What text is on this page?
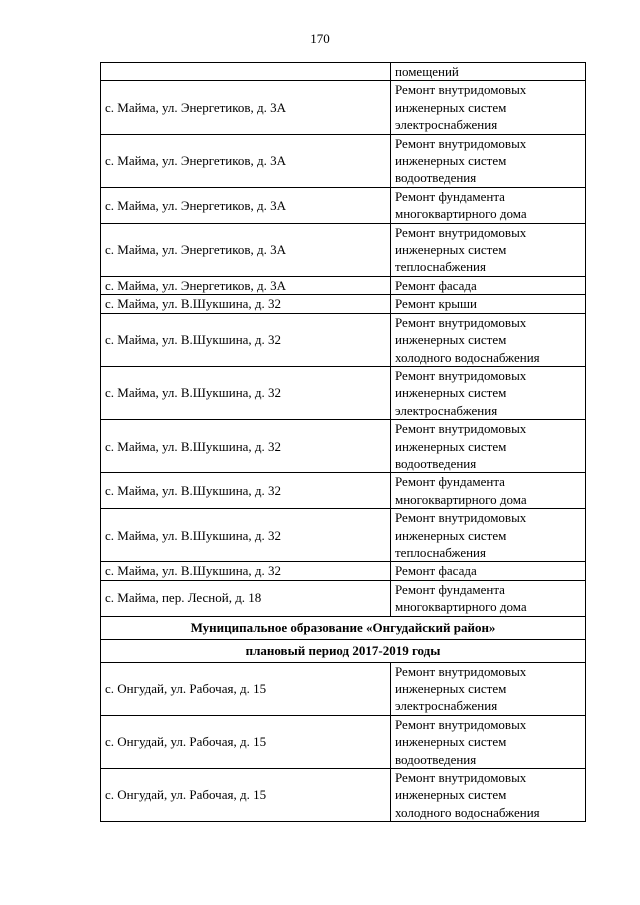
170
	помещений
с. Майма, ул. Энергетиков, д. 3А	Ремонт внутридомовых
инженерных систем
электроснабжения
с. Майма, ул. Энергетиков, д. 3А	Ремонт внутридомовых
инженерных систем
водоотведения
с. Майма, ул. Энергетиков, д. 3А	Ремонт фундамента
многоквартирного дома
с. Майма, ул. Энергетиков, д. 3А	Ремонт внутридомовых
инженерных систем
теплоснабжения
с. Майма, ул. Энергетиков, д. 3А	Ремонт фасада
с. Майма, ул. В.Шукшина, д. 32	Ремонт крыши
с. Майма, ул. В.Шукшина, д. 32	Ремонт внутридомовых
инженерных систем
холодного водоснабжения
с. Майма, ул. В.Шукшина, д. 32	Ремонт внутридомовых
инженерных систем
электроснабжения
с. Майма, ул. В.Шукшина, д. 32	Ремонт внутридомовых
инженерных систем
водоотведения
с. Майма, ул. В.Шукшина, д. 32	Ремонт фундамента
многоквартирного дома
с. Майма, ул. В.Шукшина, д. 32	Ремонт внутридомовых
инженерных систем
теплоснабжения
с. Майма, ул. В.Шукшина, д. 32	Ремонт фасада
с. Майма, пер. Лесной, д. 18	Ремонт фундамента
многоквартирного дома
Муниципальное образование «Онгудайский район»	
плановый период 2017-2019 годы	
с. Онгудай, ул. Рабочая, д. 15	Ремонт внутридомовых
инженерных систем
электроснабжения
с. Онгудай, ул. Рабочая, д. 15	Ремонт внутридомовых
инженерных систем
водоотведения
с. Онгудай, ул. Рабочая, д. 15	Ремонт внутридомовых
инженерных систем
холодного водоснабжения
